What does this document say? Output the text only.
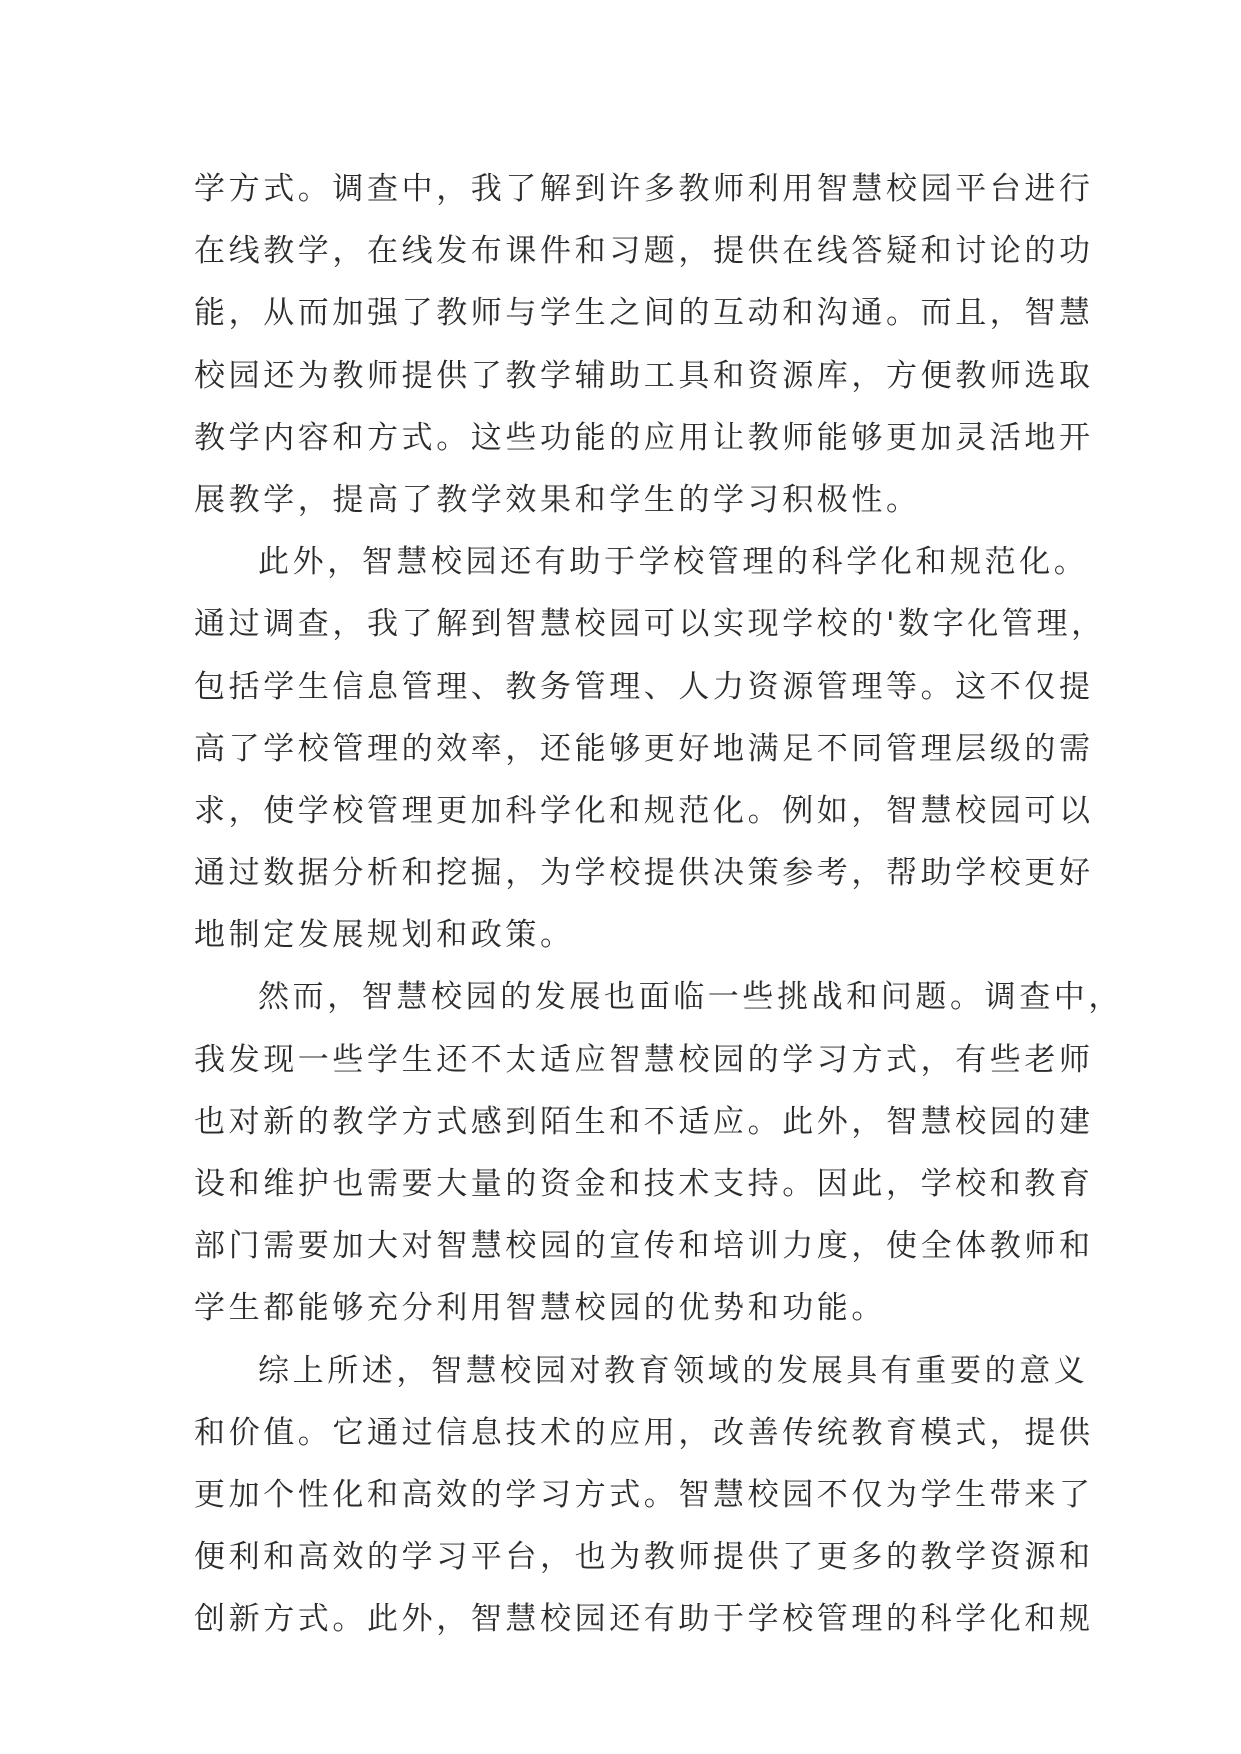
学方式。调查中，我了解到许多教师利用智慧校园平台进行
在线教学，在线发布课件和习题，提供在线答疑和讨论的功
能，从而加强了教师与学生之间的互动和沟通。而且，智慧
校园还为教师提供了教学辅助工具和资源库，方便教师选取
教学内容和方式。这些功能的应用让教师能够更加灵活地开
展教学，提高了教学效果和学生的学习积极性。
此外，智慧校园还有助于学校管理的科学化和规范化。
通过调查，我了解到智慧校园可以实现学校的'数字化管理，
包括学生信息管理、教务管理、人力资源管理等。这不仅提
高了学校管理的效率，还能够更好地满足不同管理层级的需
求，使学校管理更加科学化和规范化。例如，智慧校园可以
通过数据分析和挖掘，为学校提供决策参考，帮助学校更好
地制定发展规划和政策。
然而，智慧校园的发展也面临一些挑战和问题。调查中，
我发现一些学生还不太适应智慧校园的学习方式，有些老师
也对新的教学方式感到陌生和不适应。此外，智慧校园的建
设和维护也需要大量的资金和技术支持。因此，学校和教育
部门需要加大对智慧校园的宣传和培训力度，使全体教师和
学生都能够充分利用智慧校园的优势和功能。
综上所述，智慧校园对教育领域的发展具有重要的意义
和价值。它通过信息技术的应用，改善传统教育模式，提供
更加个性化和高效的学习方式。智慧校园不仅为学生带来了
便利和高效的学习平台，也为教师提供了更多的教学资源和
创新方式。此外，智慧校园还有助于学校管理的科学化和规
